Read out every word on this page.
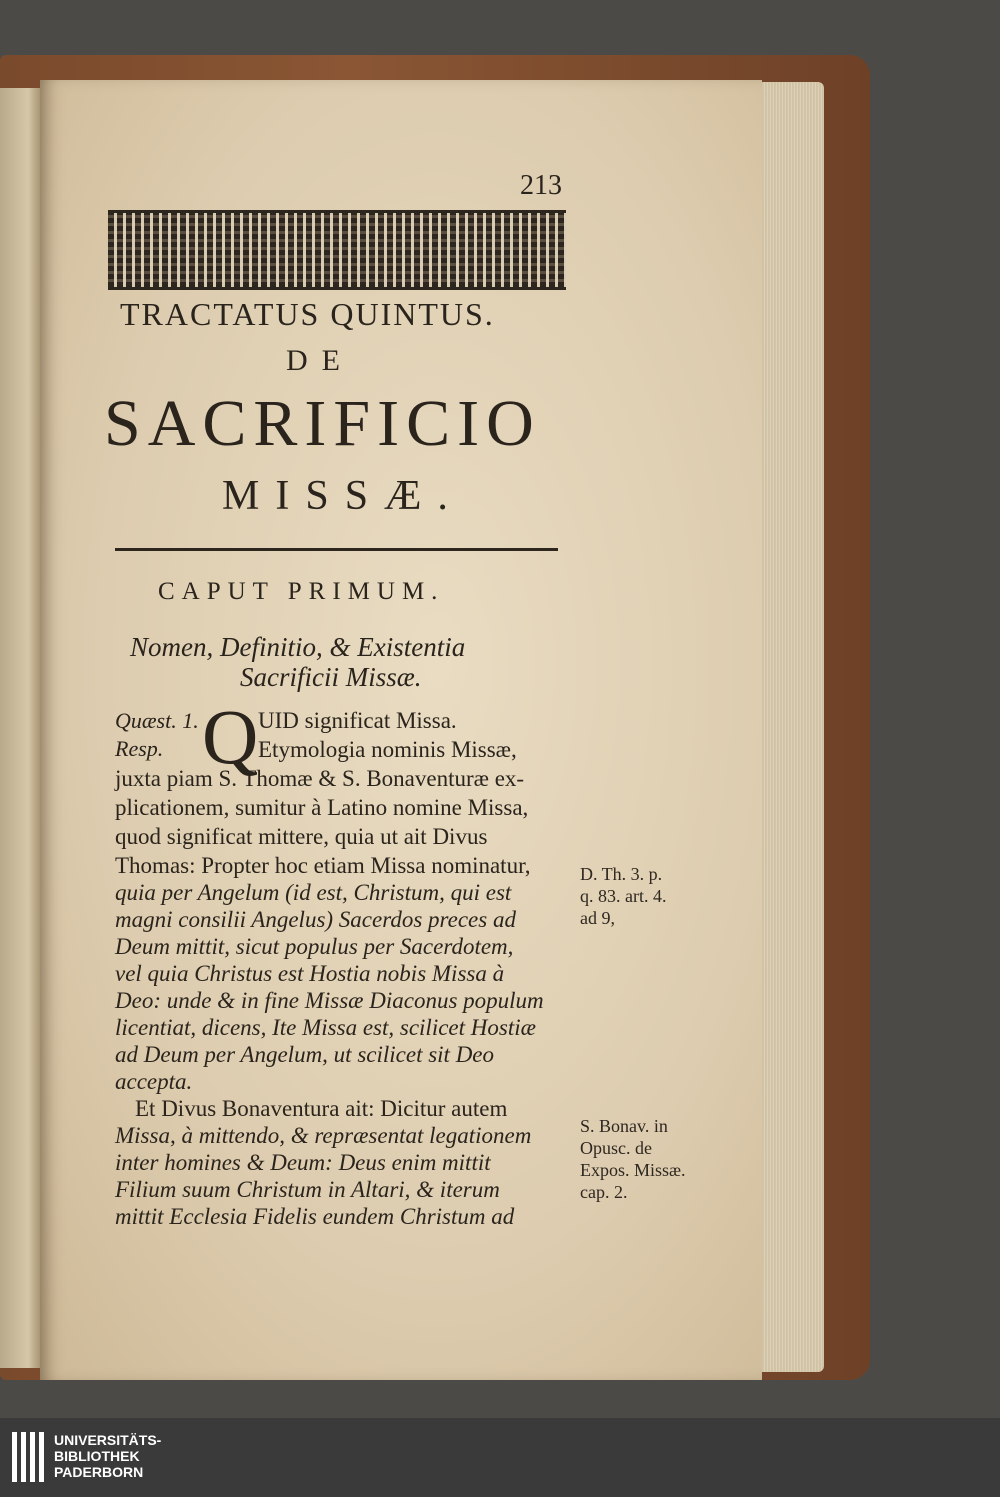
213
TRACTATUS QUINTUS.
DE
SACRIFICIO
MISSÆ.
CAPUT PRIMUM.
Nomen, Definitio, & Existentia
Sacrificii Missæ.
Quæst. 1.
Resp. Q UID significat Missa.
Etymologia nominis Missæ,
juxta piam S. Thomæ & S. Bonaventuræ ex-
plicationem, sumitur à Latino nomine Missa,
quod significat mittere, quia ut ait Divus
Thomas: Propter hoc etiam Missa nominatur,
quia per Angelum (id est, Christum, qui est
magni consilii Angelus) Sacerdos preces ad
Deum mittit, sicut populus per Sacerdotem,
vel quia Christus est Hostia nobis Missa à
Deo: unde & in fine Missæ Diaconus populum
licentiat, dicens, Ite Missa est, scilicet Hostiæ
ad Deum per Angelum, ut scilicet sit Deo
accepta.
Et Divus Bonaventura ait: Dicitur autem
Missa, à mittendo, & repræsentat legationem
inter homines & Deum: Deus enim mittit
Filium suum Christum in Altari, & iterum
mittit Ecclesia Fidelis eundem Christum ad
D. Th. 3. p.
q. 83. art. 4.
ad 9,
S. Bonav. in
Opusc. de
Expos. Missæ.
cap. 2.
UNIVERSITÄTS-
BIBLIOTHEK
PADERBORN
